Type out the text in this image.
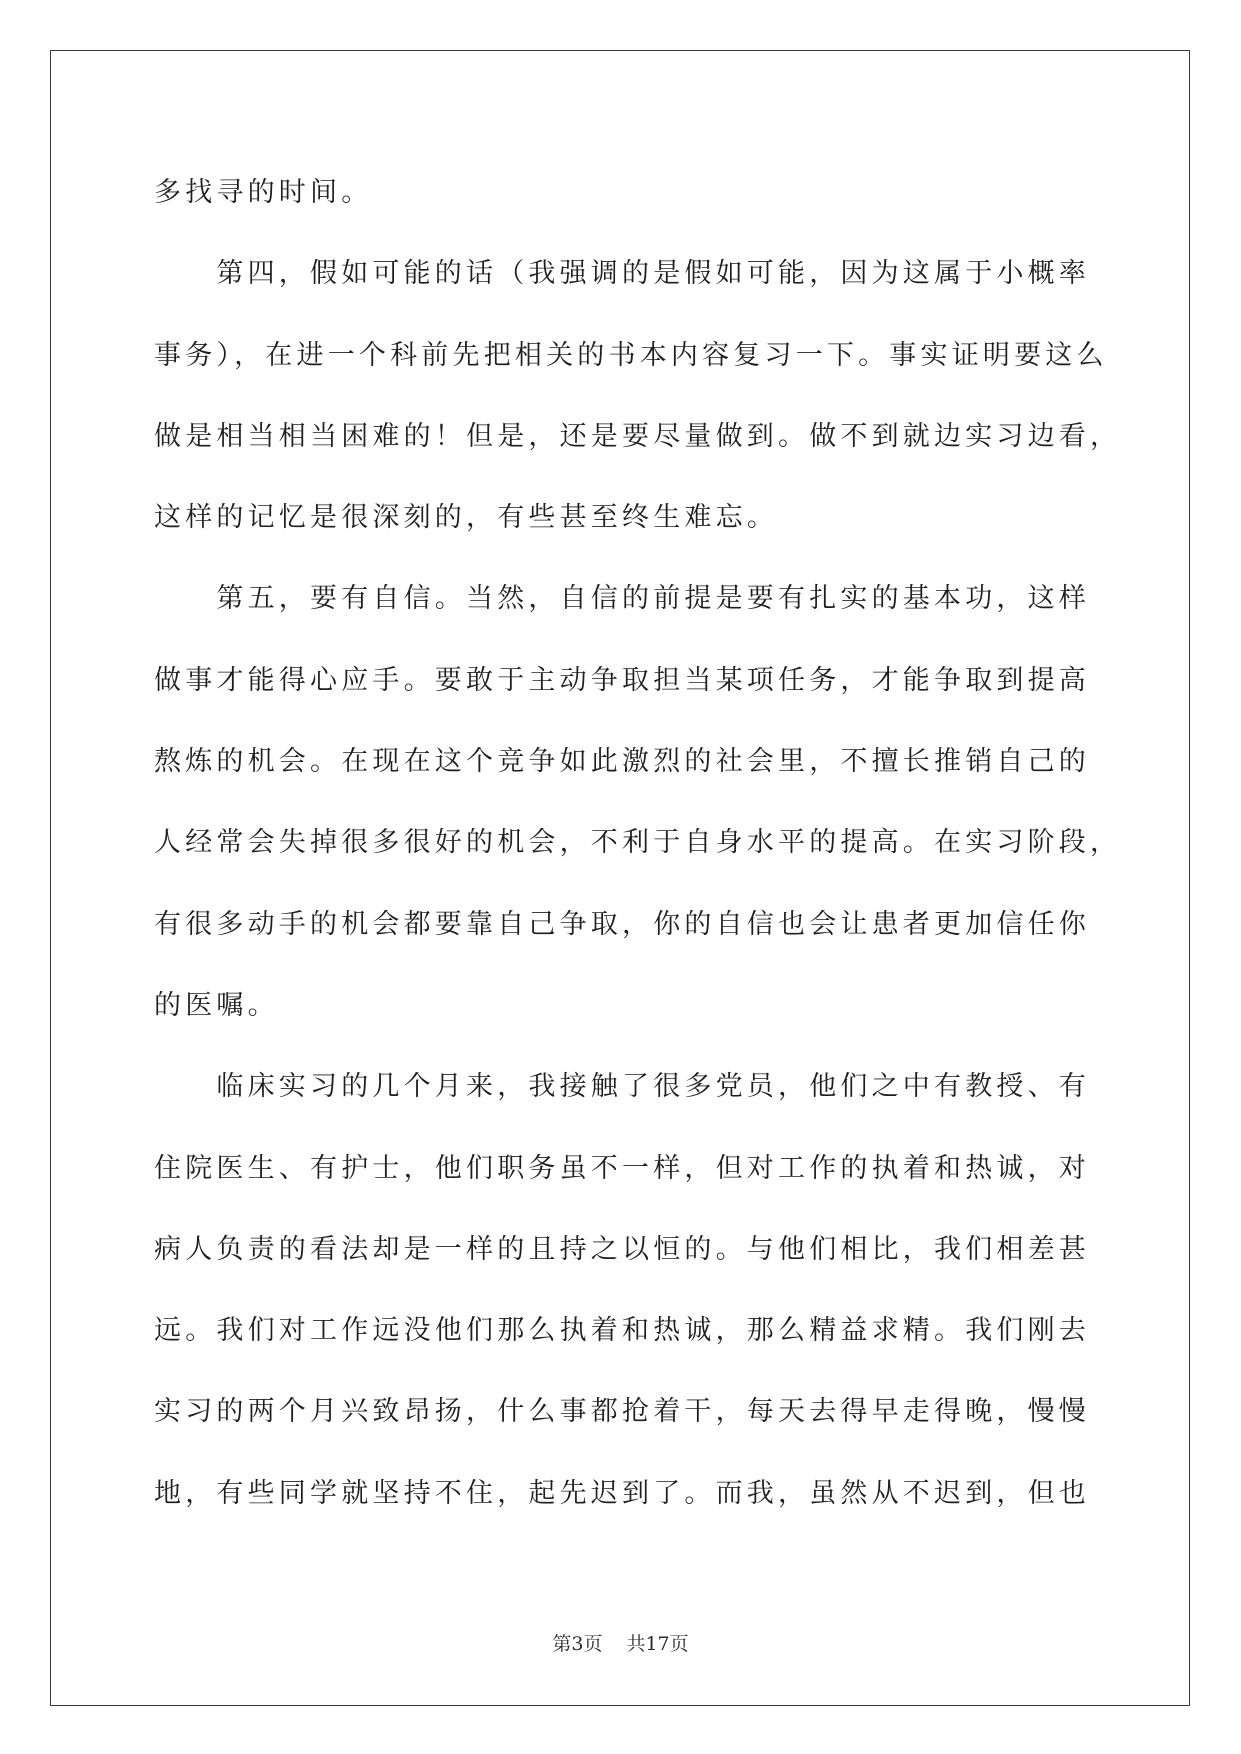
多找寻的时间。
第四，假如可能的话（我强调的是假如可能，因为这属于小概率
事务），在进一个科前先把相关的书本内容复习一下。事实证明要这么
做是相当相当困难的！但是，还是要尽量做到。做不到就边实习边看，
这样的记忆是很深刻的，有些甚至终生难忘。
第五，要有自信。当然，自信的前提是要有扎实的基本功，这样
做事才能得心应手。要敢于主动争取担当某项任务，才能争取到提高
熬炼的机会。在现在这个竞争如此激烈的社会里，不擅长推销自己的
人经常会失掉很多很好的机会，不利于自身水平的提高。在实习阶段，
有很多动手的机会都要靠自己争取，你的自信也会让患者更加信任你
的医嘱。
临床实习的几个月来，我接触了很多党员，他们之中有教授、有
住院医生、有护士，他们职务虽不一样，但对工作的执着和热诚，对
病人负责的看法却是一样的且持之以恒的。与他们相比，我们相差甚
远。我们对工作远没他们那么执着和热诚，那么精益求精。我们刚去
实习的两个月兴致昂扬，什么事都抢着干，每天去得早走得晚，慢慢
地，有些同学就坚持不住，起先迟到了。而我，虽然从不迟到，但也
第3页 共17页
